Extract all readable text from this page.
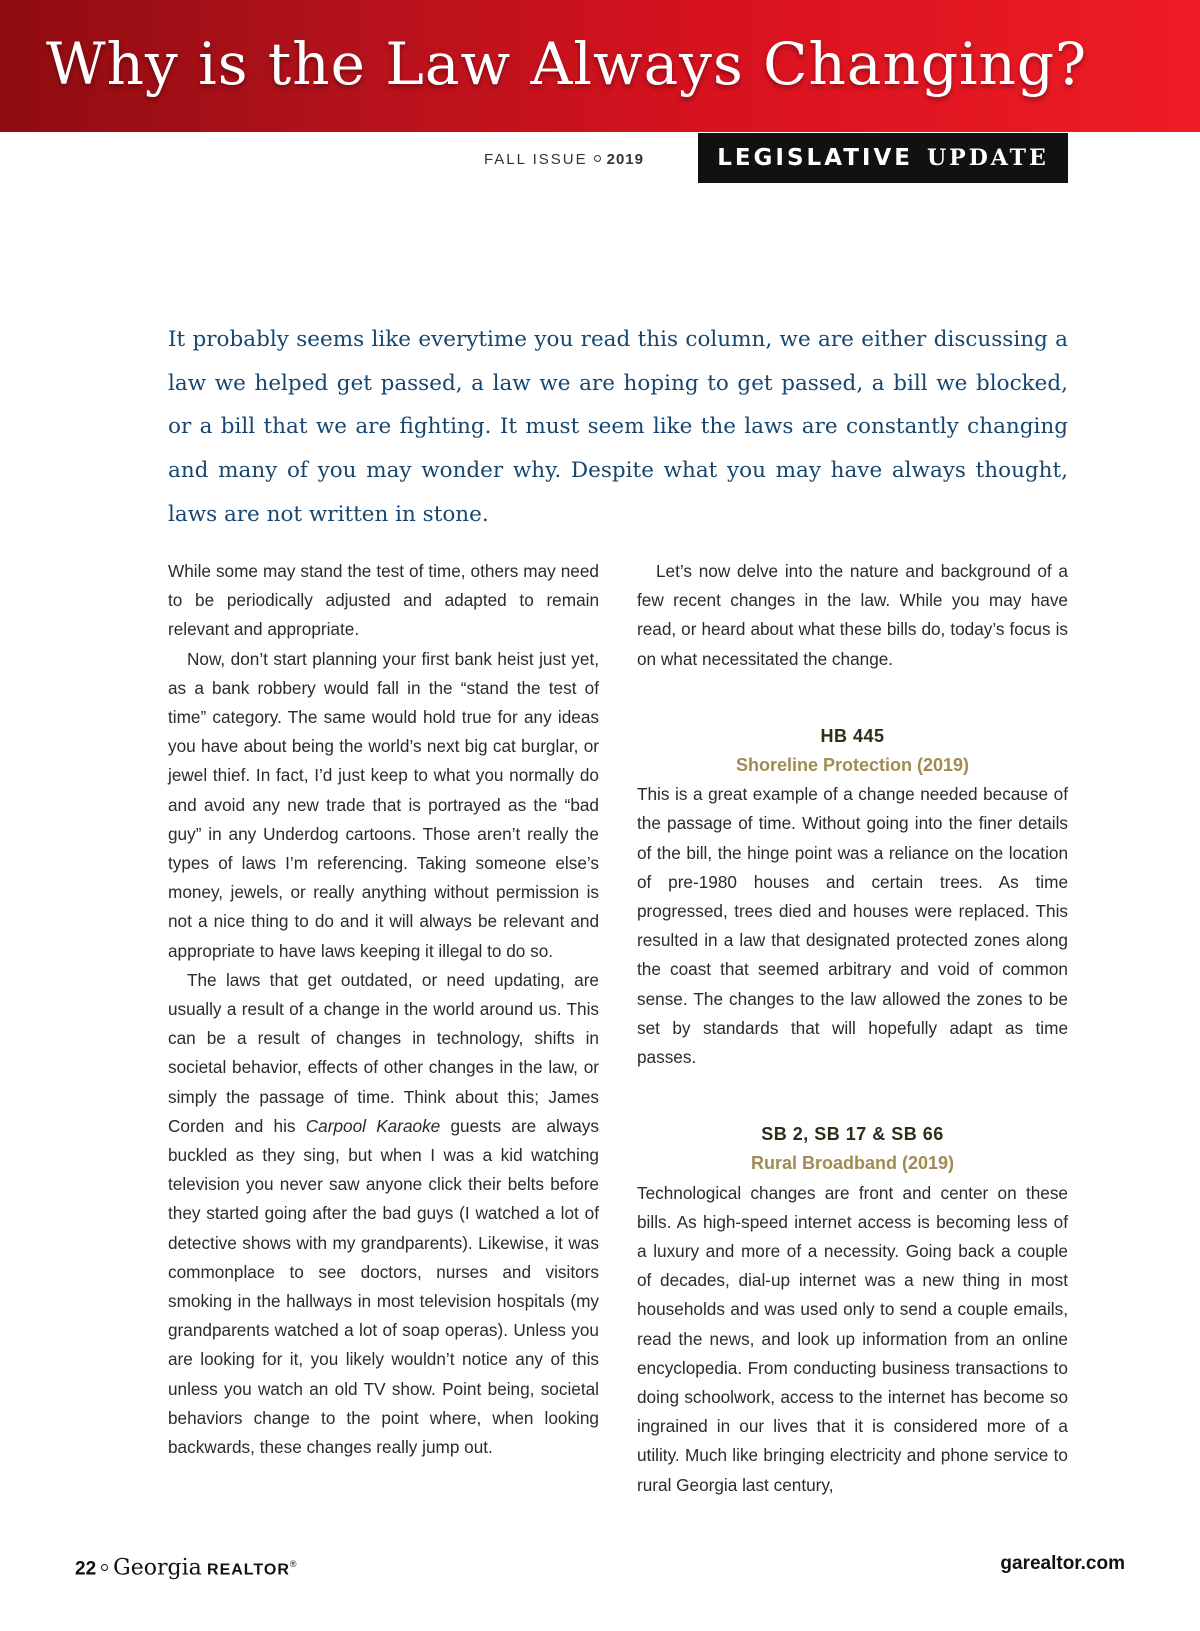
Why is the Law Always Changing?
FALL ISSUE 2019	LEGISLATIVE UPDATE

It probably seems like everytime you read this column, we are either discussing a law we helped get passed, a law we are hoping to get passed, a bill we blocked, or a bill that we are fighting. It must seem like the laws are constantly changing and many of you may wonder why. Despite what you may have always thought, laws are not written in stone.

While some may stand the test of time, others may need to be periodically adjusted and adapted to remain relevant and appropriate.

Now, don’t start planning your first bank heist just yet, as a bank robbery would fall in the “stand the test of time” category. The same would hold true for any ideas you have about being the world’s next big cat burglar, or jewel thief. In fact, I’d just keep to what you normally do and avoid any new trade that is portrayed as the “bad guy” in any Underdog cartoons. Those aren’t really the types of laws I’m referencing. Taking someone else’s money, jewels, or really anything without permission is not a nice thing to do and it will always be relevant and appropriate to have laws keeping it illegal to do so.

The laws that get outdated, or need updating, are usually a result of a change in the world around us. This can be a result of changes in technology, shifts in societal behavior, effects of other changes in the law, or simply the passage of time. Think about this; James Corden and his Carpool Karaoke guests are always buckled as they sing, but when I was a kid watching television you never saw anyone click their belts before they started going after the bad guys (I watched a lot of detective shows with my grandparents). Likewise, it was commonplace to see doctors, nurses and visitors smoking in the hallways in most television hospitals (my grandparents watched a lot of soap operas). Unless you are looking for it, you likely wouldn’t notice any of this unless you watch an old TV show. Point being, societal behaviors change to the point where, when looking backwards, these changes really jump out.

Let’s now delve into the nature and background of a few recent changes in the law. While you may have read, or heard about what these bills do, today’s focus is on what necessitated the change.

HB 445
Shoreline Protection (2019)

This is a great example of a change needed because of the passage of time. Without going into the finer details of the bill, the hinge point was a reliance on the location of pre-1980 houses and certain trees. As time progressed, trees died and houses were replaced. This resulted in a law that designated protected zones along the coast that seemed arbitrary and void of common sense. The changes to the law allowed the zones to be set by standards that will hopefully adapt as time passes.

SB 2, SB 17 & SB 66
Rural Broadband (2019)

Technological changes are front and center on these bills. As high-speed internet access is becoming less of a luxury and more of a necessity. Going back a couple of decades, dial-up internet was a new thing in most households and was used only to send a couple emails, read the news, and look up information from an online encyclopedia. From conducting business transactions to doing schoolwork, access to the internet has become so ingrained in our lives that it is considered more of a utility. Much like bringing electricity and phone service to rural Georgia last century,

22 Georgia REALTOR®	garealtor.com
